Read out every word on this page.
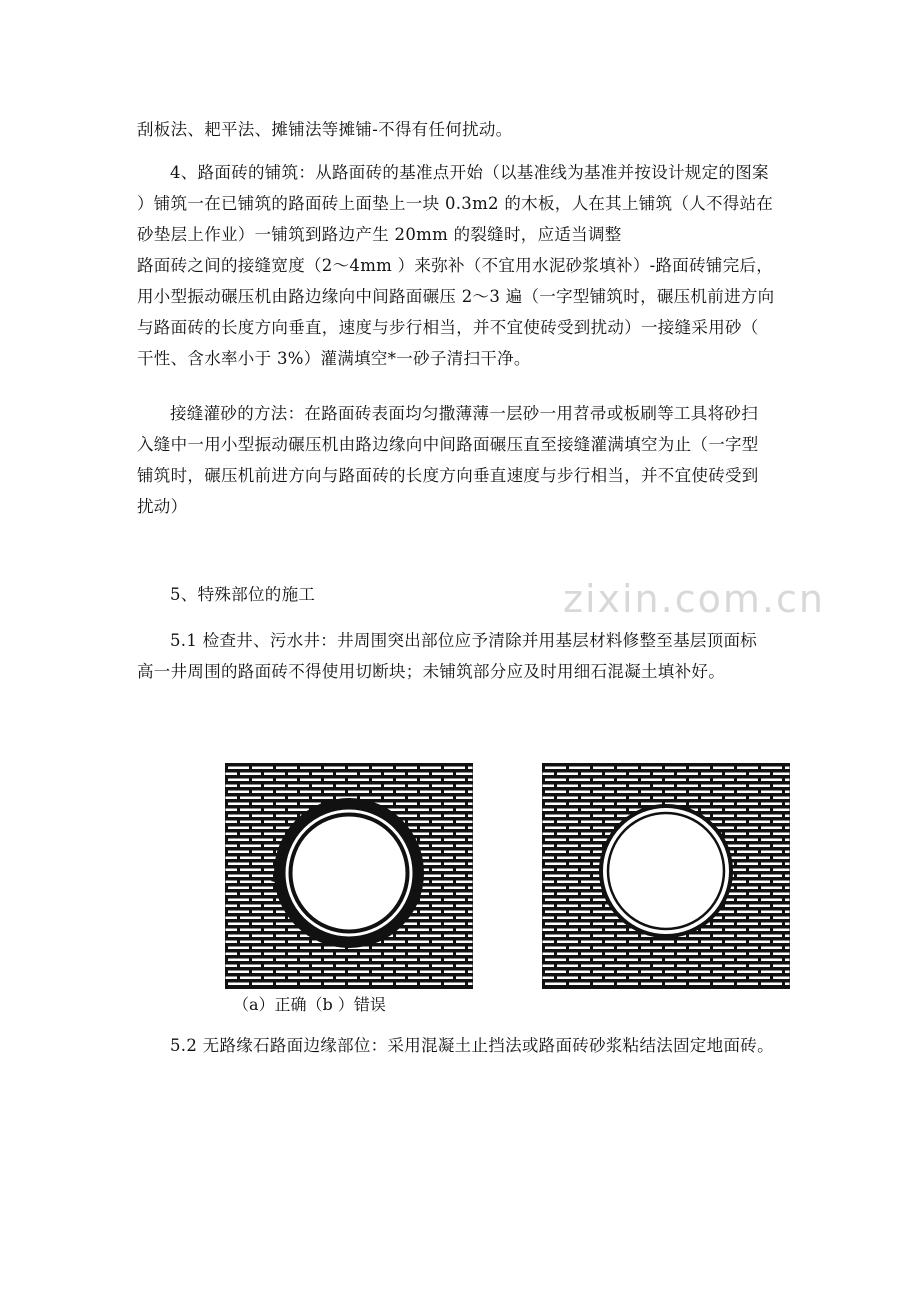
刮板法、耙平法、摊铺法等摊铺-不得有任何扰动。
4、路面砖的铺筑：从路面砖的基准点开始（以基准线为基准并按设计规定的图案
）铺筑一在已铺筑的路面砖上面垫上一块 0.3m2 的木板，人在其上铺筑（人不得站在
砂垫层上作业）一铺筑到路边产生 20mm 的裂缝时，应适当调整
路面砖之间的接缝宽度（2～4mm ）来弥补（不宜用水泥砂浆填补）-路面砖铺完后，
用小型振动碾压机由路边缘向中间路面碾压 2～3 遍（一字型铺筑时，碾压机前进方向
与路面砖的长度方向垂直，速度与步行相当，并不宜使砖受到扰动）一接缝采用砂（
干性、含水率小于 3%）灌满填空*一砂子清扫干净。
接缝灌砂的方法：在路面砖表面均匀撒薄薄一层砂一用苕帚或板刷等工具将砂扫
入缝中一用小型振动碾压机由路边缘向中间路面碾压直至接缝灌满填空为止（一字型
铺筑时，碾压机前进方向与路面砖的长度方向垂直速度与步行相当，并不宜使砖受到
扰动）
5、特殊部位的施工
5.1 检查井、污水井：井周围突出部位应予清除并用基层材料修整至基层顶面标
高一井周围的路面砖不得使用切断块；未铺筑部分应及时用细石混凝土填补好。
zixin.com.cn
（a）正确（b ）错误
5.2 无路缘石路面边缘部位：采用混凝土止挡法或路面砖砂浆粘结法固定地面砖。
